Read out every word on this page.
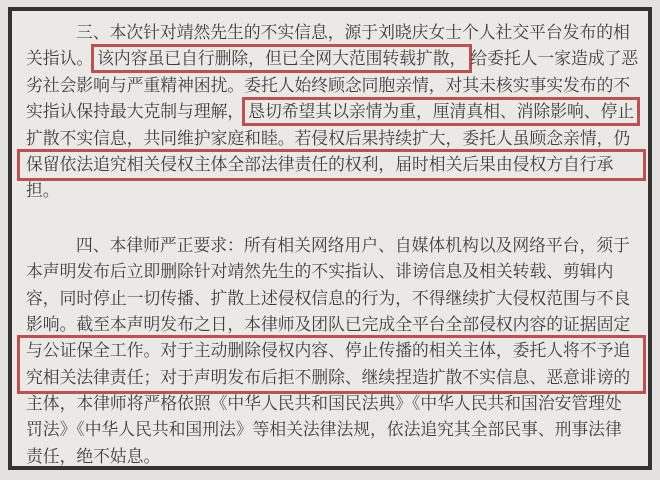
三、本次针对靖然先生的不实信息，源于刘晓庆女士个人社交平台发布的相
关指认。 该内容虽已自行删除，但已全网大范围转载扩散， 给委托人一家造成了恶
劣社会影响与严重精神困扰。委托人始终顾念同胞亲情，对其未核实事实发布的不
实指认保持最大克制与理解， 恳切希望其以亲情为重，厘清真相、消除影响、停止
扩散不实信息，共同维护家庭和睦。若侵权后果持续扩大，委托人虽顾念亲情，仍
保留依法追究相关侵权主体全部法律责任的权利，届时相关后果由侵权方自行承
担。
四、本律师严正要求：所有相关网络用户、自媒体机构以及网络平台，须于
本声明发布后立即删除针对靖然先生的不实指认、诽谤信息及相关转载、剪辑内
容，同时停止一切传播、扩散上述侵权信息的行为，不得继续扩大侵权范围与不良
影响。截至本声明发布之日，本律师及团队已完成全平台全部侵权内容的证据固定
与公证保全工作。对于主动删除侵权内容、停止传播的相关主体，委托人将不予追
究相关法律责任；对于声明发布后拒不删除、继续捏造扩散不实信息、恶意诽谤的
主体，本律师将严格依照《中华人民共和国民法典》《中华人民共和国治安管理处
罚法》《中华人民共和国刑法》等相关法律法规，依法追究其全部民事、刑事法律
责任，绝不姑息。
